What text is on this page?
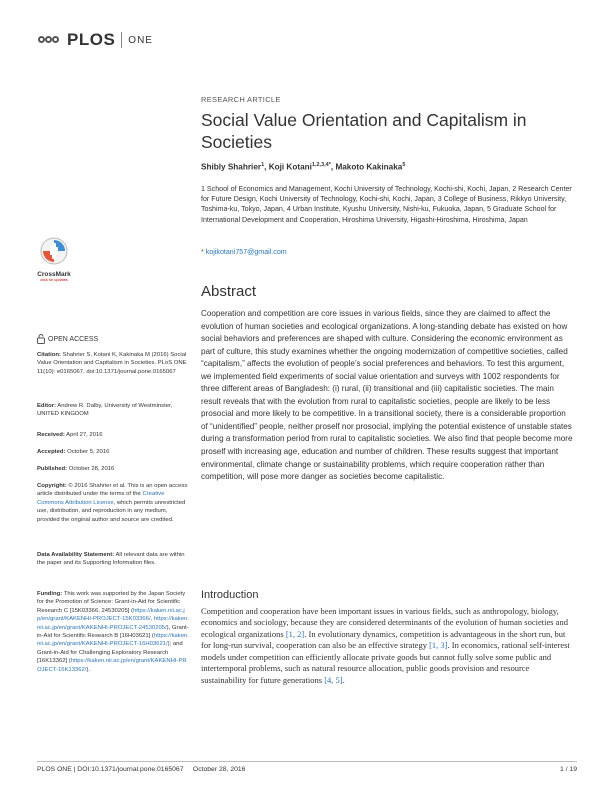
PLOS ONE
RESEARCH ARTICLE
Social Value Orientation and Capitalism in Societies
Shibly Shahrier$^1$, Koji Kotani$^{1,2,3,4*}$, Makoto Kakinaka$^5$
1 School of Economics and Management, Kochi University of Technology, Kochi-shi, Kochi, Japan, 2 Research Center for Future Design, Kochi University of Technology, Kochi-shi, Kochi, Japan, 3 College of Business, Rikkyo University, Toshima-ku, Tokyo, Japan, 4 Urban Institute, Kyushu University, Nishi-ku, Fukuoka, Japan, 5 Graduate School for International Development and Cooperation, Hiroshima University, Higashi-Hiroshima, Hiroshima, Japan
* kojikotani757@gmail.com
CrossMark
click for updates
OPEN ACCESS
Citation: Shahrier S, Kotani K, Kakinaka M (2016) Social Value Orientation and Capitalism in Societies. PLoS ONE 11(10): e0165067. doi:10.1371/journal.pone.0165067
Editor: Andrew R. Dalby, University of Westminster, UNITED KINGDOM
Received: April 27, 2016
Accepted: October 5, 2016
Published: October 28, 2016
Copyright: © 2016 Shahrier et al. This is an open access article distributed under the terms of the Creative Commons Attribution License, which permits unrestricted use, distribution, and reproduction in any medium, provided the original author and source are credited.
Data Availability Statement: All relevant data are within the paper and its Supporting Information files.
Funding: This work was supported by the Japan Society for the Promotion of Science: Grant-in-Aid for Scientific Research C [15K03366, 24530205] (https://kaken.nii.ac.jp/en/grant/KAKENHI-PROJECT-15K03366/, https://kaken.nii.ac.jp/en/grant/KAKENHI-PROJECT-24530205/), Grant-in-Aid for Scientific Research B [16H03621] (https://kaken.nii.ac.jp/en/grant/KAKENHI-PROJECT-16H03621/); and Grant-in-Aid for Challenging Exploratory Research [16K13362] (https://kaken.nii.ac.jp/en/grant/KAKENHI-PROJECT-16K13362/).
Abstract

Cooperation and competition are core issues in various fields, since they are claimed to affect the evolution of human societies and ecological organizations. A long-standing debate has existed on how social behaviors and preferences are shaped with culture. Considering the economic environment as part of culture, this study examines whether the ongoing modernization of competitive societies, called “capitalism,” affects the evolution of people’s social preferences and behaviors. To test this argument, we implemented field experiments of social value orientation and surveys with 1002 respondents for three different areas of Bangladesh: (i) rural, (ii) transitional and (iii) capitalistic societies. The main result reveals that with the evolution from rural to capitalistic societies, people are likely to be less prosocial and more likely to be competitive. In a transitional society, there is a considerable proportion of “unidentified” people, neither proself nor prosocial, implying the potential existence of unstable states during a transformation period from rural to capitalistic societies. We also find that people become more proself with increasing age, education and number of children. These results suggest that important environmental, climate change or sustainability problems, which require cooperation rather than competition, will pose more danger as societies become capitalistic.

Introduction

Competition and cooperation have been important issues in various fields, such as anthropology, biology, economics and sociology, because they are considered determinants of the evolution of human societies and ecological organizations [1, 2]. In evolutionary dynamics, competition is advantageous in the short run, but for long-run survival, cooperation can also be an effective strategy [1, 3]. In economics, rational self-interest models under competition can efficiently allocate private goods but cannot fully solve some public and intertemporal problems, such as natural resource allocation, public goods provision and resource sustainability for future generations [4, 5].

PLOS ONE | DOI:10.1371/journal.pone.0165067     October 28, 2016	1 / 19
